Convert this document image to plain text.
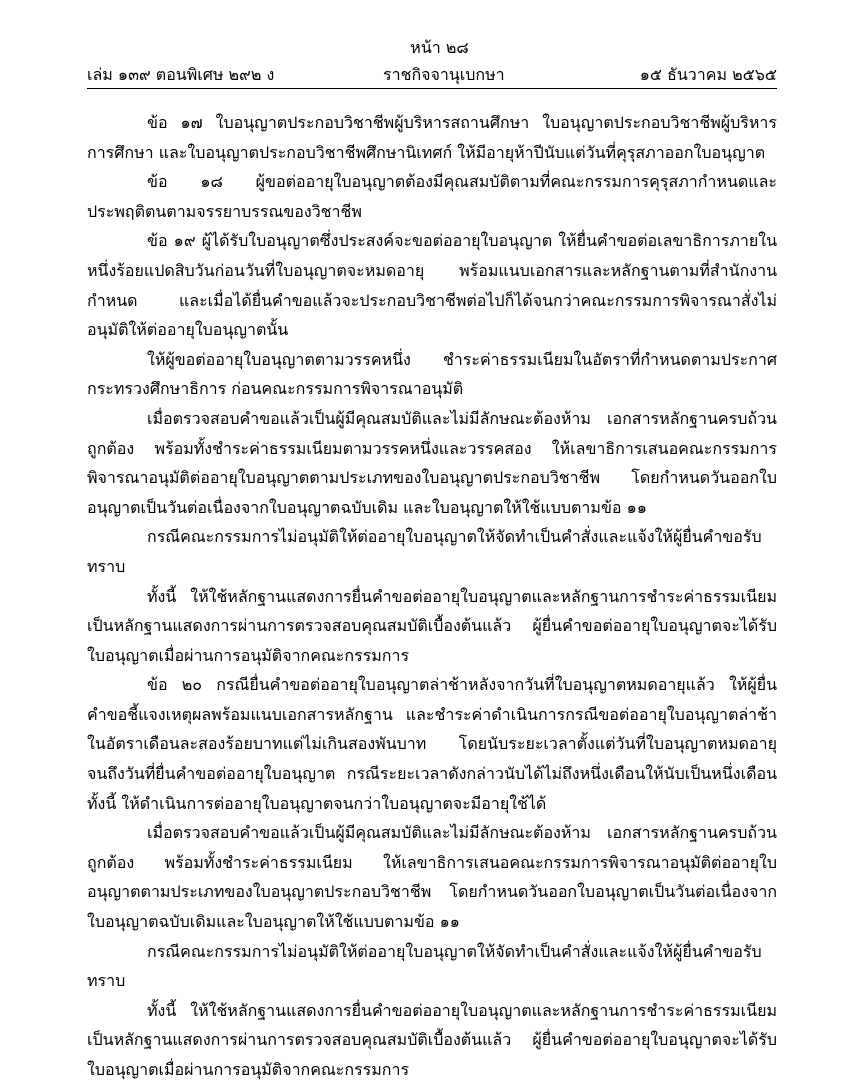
หน้า ๒๘
เล่ม ๑๓๙ ตอนพิเศษ ๒๙๒ ง	ราชกิจจานุเบกษา	๑๕ ธันวาคม ๒๕๖๕

ข้อ ๑๗ ใบอนุญาตประกอบวิชาชีพผู้บริหารสถานศึกษา ใบอนุญาตประกอบวิชาชีพผู้บริหารการศึกษา และใบอนุญาตประกอบวิชาชีพศึกษานิเทศก์ ให้มีอายุห้าปีนับแต่วันที่คุรุสภาออกใบอนุญาต

ข้อ ๑๘ ผู้ขอต่ออายุใบอนุญาตต้องมีคุณสมบัติตามที่คณะกรรมการคุรุสภากำหนดและประพฤติตนตามจรรยาบรรณของวิชาชีพ

ข้อ ๑๙ ผู้ได้รับใบอนุญาตซึ่งประสงค์จะขอต่ออายุใบอนุญาต ให้ยื่นคำขอต่อเลขาธิการภายในหนึ่งร้อยแปดสิบวันก่อนวันที่ใบอนุญาตจะหมดอายุ พร้อมแนบเอกสารและหลักฐานตามที่สำนักงานกำหนด และเมื่อได้ยื่นคำขอแล้วจะประกอบวิชาชีพต่อไปก็ได้จนกว่าคณะกรรมการพิจารณาสั่งไม่อนุมัติให้ต่ออายุใบอนุญาตนั้น

ให้ผู้ขอต่ออายุใบอนุญาตตามวรรคหนึ่ง ชำระค่าธรรมเนียมในอัตราที่กำหนดตามประกาศกระทรวงศึกษาธิการ ก่อนคณะกรรมการพิจารณาอนุมัติ

เมื่อตรวจสอบคำขอแล้วเป็นผู้มีคุณสมบัติและไม่มีลักษณะต้องห้าม เอกสารหลักฐานครบถ้วนถูกต้อง พร้อมทั้งชำระค่าธรรมเนียมตามวรรคหนึ่งและวรรคสอง ให้เลขาธิการเสนอคณะกรรมการพิจารณาอนุมัติต่ออายุใบอนุญาตตามประเภทของใบอนุญาตประกอบวิชาชีพ โดยกำหนดวันออกใบอนุญาตเป็นวันต่อเนื่องจากใบอนุญาตฉบับเดิม และใบอนุญาตให้ใช้แบบตามข้อ ๑๑

กรณีคณะกรรมการไม่อนุมัติให้ต่ออายุใบอนุญาตให้จัดทำเป็นคำสั่งและแจ้งให้ผู้ยื่นคำขอรับทราบ

ทั้งนี้ ให้ใช้หลักฐานแสดงการยื่นคำขอต่ออายุใบอนุญาตและหลักฐานการชำระค่าธรรมเนียมเป็นหลักฐานแสดงการผ่านการตรวจสอบคุณสมบัติเบื้องต้นแล้ว ผู้ยื่นคำขอต่ออายุใบอนุญาตจะได้รับใบอนุญาตเมื่อผ่านการอนุมัติจากคณะกรรมการ

ข้อ ๒๐ กรณียื่นคำขอต่ออายุใบอนุญาตล่าช้าหลังจากวันที่ใบอนุญาตหมดอายุแล้ว ให้ผู้ยื่นคำขอชี้แจงเหตุผลพร้อมแนบเอกสารหลักฐาน และชำระค่าดำเนินการกรณีขอต่ออายุใบอนุญาตล่าช้าในอัตราเดือนละสองร้อยบาทแต่ไม่เกินสองพันบาท โดยนับระยะเวลาตั้งแต่วันที่ใบอนุญาตหมดอายุจนถึงวันที่ยื่นคำขอต่ออายุใบอนุญาต กรณีระยะเวลาดังกล่าวนับได้ไม่ถึงหนึ่งเดือนให้นับเป็นหนึ่งเดือน ทั้งนี้ ให้ดำเนินการต่ออายุใบอนุญาตจนกว่าใบอนุญาตจะมีอายุใช้ได้

เมื่อตรวจสอบคำขอแล้วเป็นผู้มีคุณสมบัติและไม่มีลักษณะต้องห้าม เอกสารหลักฐานครบถ้วนถูกต้อง พร้อมทั้งชำระค่าธรรมเนียม ให้เลขาธิการเสนอคณะกรรมการพิจารณาอนุมัติต่ออายุใบอนุญาตตามประเภทของใบอนุญาตประกอบวิชาชีพ โดยกำหนดวันออกใบอนุญาตเป็นวันต่อเนื่องจากใบอนุญาตฉบับเดิมและใบอนุญาตให้ใช้แบบตามข้อ ๑๑

กรณีคณะกรรมการไม่อนุมัติให้ต่ออายุใบอนุญาตให้จัดทำเป็นคำสั่งและแจ้งให้ผู้ยื่นคำขอรับทราบ

ทั้งนี้ ให้ใช้หลักฐานแสดงการยื่นคำขอต่ออายุใบอนุญาตและหลักฐานการชำระค่าธรรมเนียมเป็นหลักฐานแสดงการผ่านการตรวจสอบคุณสมบัติเบื้องต้นแล้ว ผู้ยื่นคำขอต่ออายุใบอนุญาตจะได้รับใบอนุญาตเมื่อผ่านการอนุมัติจากคณะกรรมการ
